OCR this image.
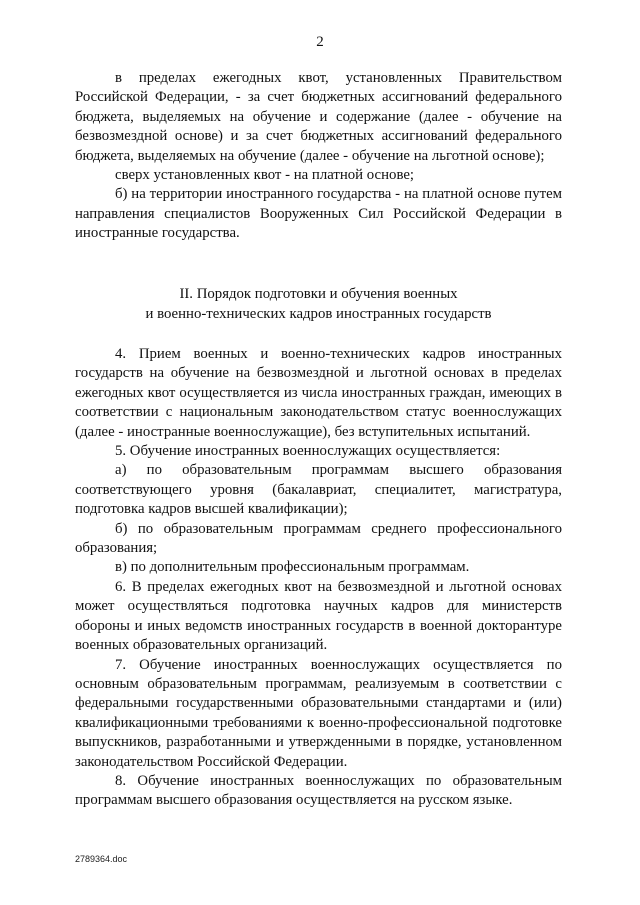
2

в пределах ежегодных квот, установленных Правительством Российской Федерации, - за счет бюджетных ассигнований федерального бюджета, выделяемых на обучение и содержание (далее - обучение на безвозмездной основе) и за счет бюджетных ассигнований федерального бюджета, выделяемых на обучение (далее - обучение на льготной основе);

сверх установленных квот - на платной основе;

б) на территории иностранного государства - на платной основе путем направления специалистов Вооруженных Сил Российской Федерации в иностранные государства.

II. Порядок подготовки и обучения военных
и военно-технических кадров иностранных государств

4. Прием военных и военно-технических кадров иностранных государств на обучение на безвозмездной и льготной основах в пределах ежегодных квот осуществляется из числа иностранных граждан, имеющих в соответствии с национальным законодательством статус военнослужащих (далее - иностранные военнослужащие), без вступительных испытаний.

5. Обучение иностранных военнослужащих осуществляется:

а) по образовательным программам высшего образования соответствующего уровня (бакалавриат, специалитет, магистратура, подготовка кадров высшей квалификации);

б) по образовательным программам среднего профессионального образования;

в) по дополнительным профессиональным программам.

6. В пределах ежегодных квот на безвозмездной и льготной основах может осуществляться подготовка научных кадров для министерств обороны и иных ведомств иностранных государств в военной докторантуре военных образовательных организаций.

7. Обучение иностранных военнослужащих осуществляется по основным образовательным программам, реализуемым в соответствии с федеральными государственными образовательными стандартами и (или) квалификационными требованиями к военно-профессиональной подготовке выпускников, разработанными и утвержденными в порядке, установленном законодательством Российской Федерации.

8. Обучение иностранных военнослужащих по образовательным программам высшего образования осуществляется на русском языке.

2789364.doc
